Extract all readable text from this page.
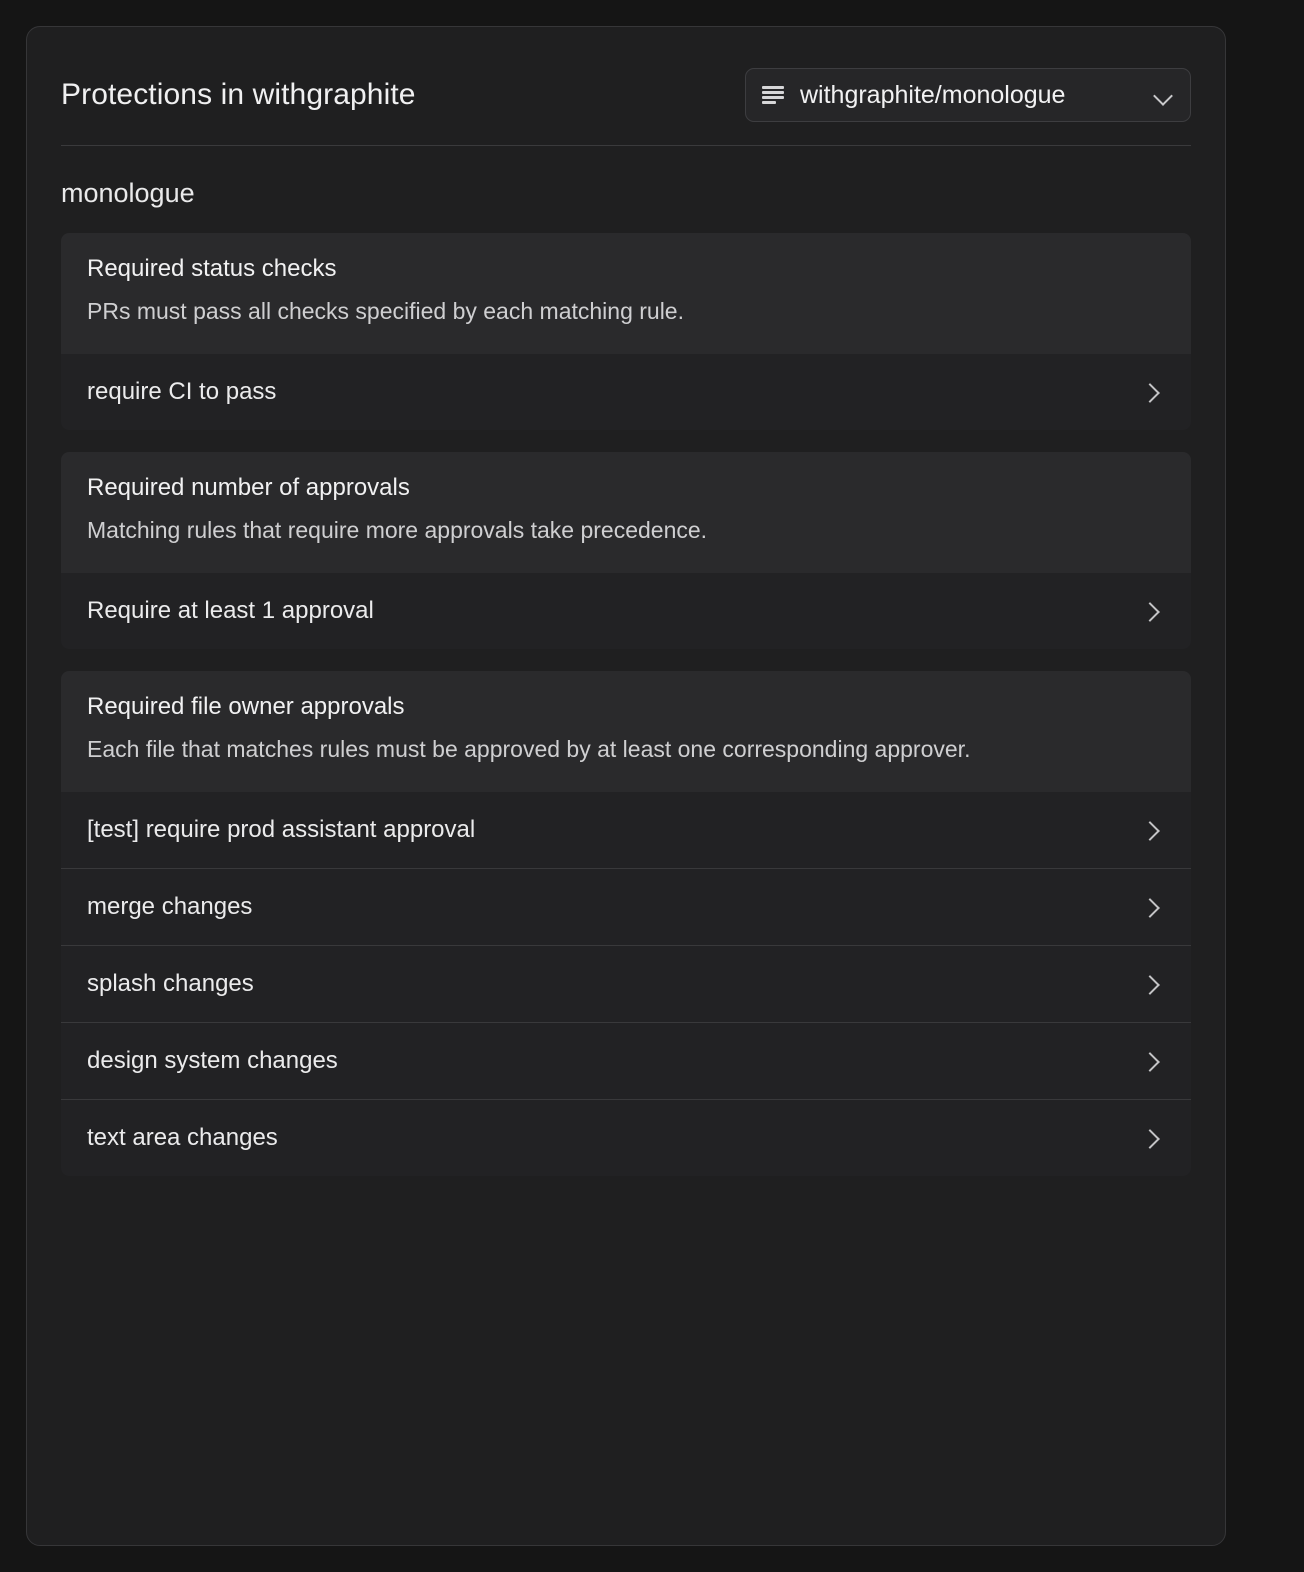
Protections in withgraphite	withgraphite/monologue
monologue
Required status checks
PRs must pass all checks specified by each matching rule.
require CI to pass
Required number of approvals
Matching rules that require more approvals take precedence.
Require at least 1 approval
Required file owner approvals
Each file that matches rules must be approved by at least one corresponding approver.
[test] require prod assistant approval
merge changes
splash changes
design system changes
text area changes
